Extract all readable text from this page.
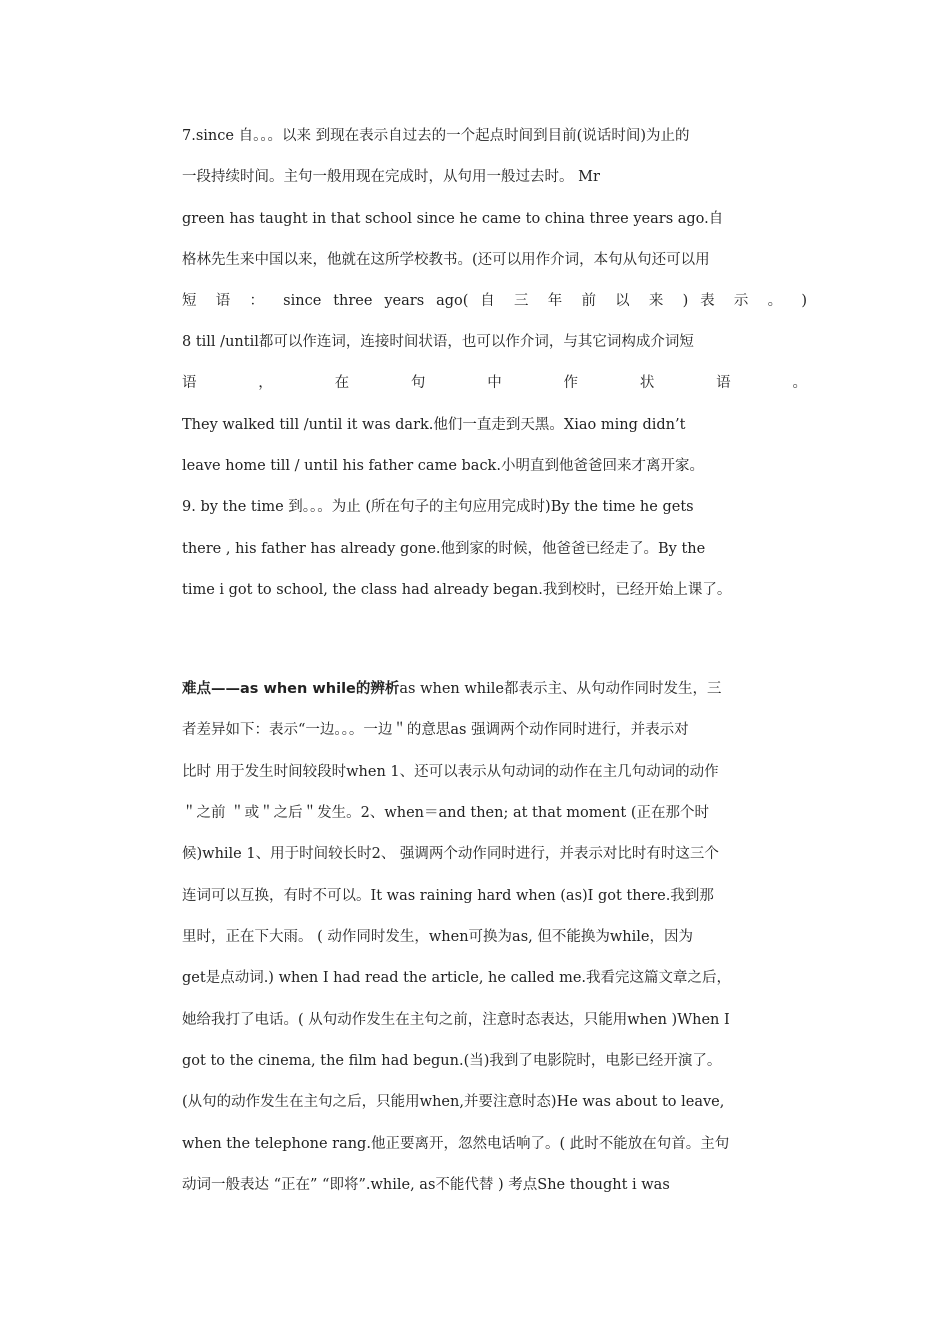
7.since 自。。。以来 到现在表示自过去的一个起点时间到目前(说话时间)为止的
一段持续时间。主句一般用现在完成时，从句用一般过去时。 Mr
green has taught in that school since he came to china three years ago.自
格林先生来中国以来，他就在这所学校教书。(还可以用作介词，本句从句还可以用
短 语 ： since three years ago( 自 三 年 前 以 来 ) 表 示 。 )
8 till /until都可以作连词，连接时间状语，也可以作介词，与其它词构成介词短
语 ， 在 句 中 作 状 语 。
They walked till /until it was dark.他们一直走到天黑。Xiao ming didn’t
leave home till / until his father came back.小明直到他爸爸回来才离开家。
9. by the time 到。。。为止 (所在句子的主句应用完成时)By the time he gets
there , his father has already gone.他到家的时候，他爸爸已经走了。By the
time i got to school, the class had already began.我到校时，已经开始上课了。
难点——as when while的辨析as when while都表示主、从句动作同时发生，三
者差异如下：表示“一边。。。一边＂的意思as 强调两个动作同时进行，并表示对
比时 用于发生时间较段时when 1、还可以表示从句动词的动作在主几句动词的动作
＂之前 ＂或＂之后＂发生。2、when＝and then; at that moment (正在那个时
候)while 1、用于时间较长时2、 强调两个动作同时进行，并表示对比时有时这三个
连词可以互换，有时不可以。It was raining hard when (as)I got there.我到那
里时，正在下大雨。 ( 动作同时发生，when可换为as, 但不能换为while，因为
get是点动词.) when I had read the article, he called me.我看完这篇文章之后，
她给我打了电话。( 从句动作发生在主句之前，注意时态表达，只能用when )When I
got to the cinema, the film had begun.(当)我到了电影院时，电影已经开演了。
(从句的动作发生在主句之后，只能用when,并要注意时态)He was about to leave,
when the telephone rang.他正要离开，忽然电话响了。( 此时不能放在句首。主句
动词一般表达 “正在” “即将”.while, as不能代替 ) 考点She thought i was
